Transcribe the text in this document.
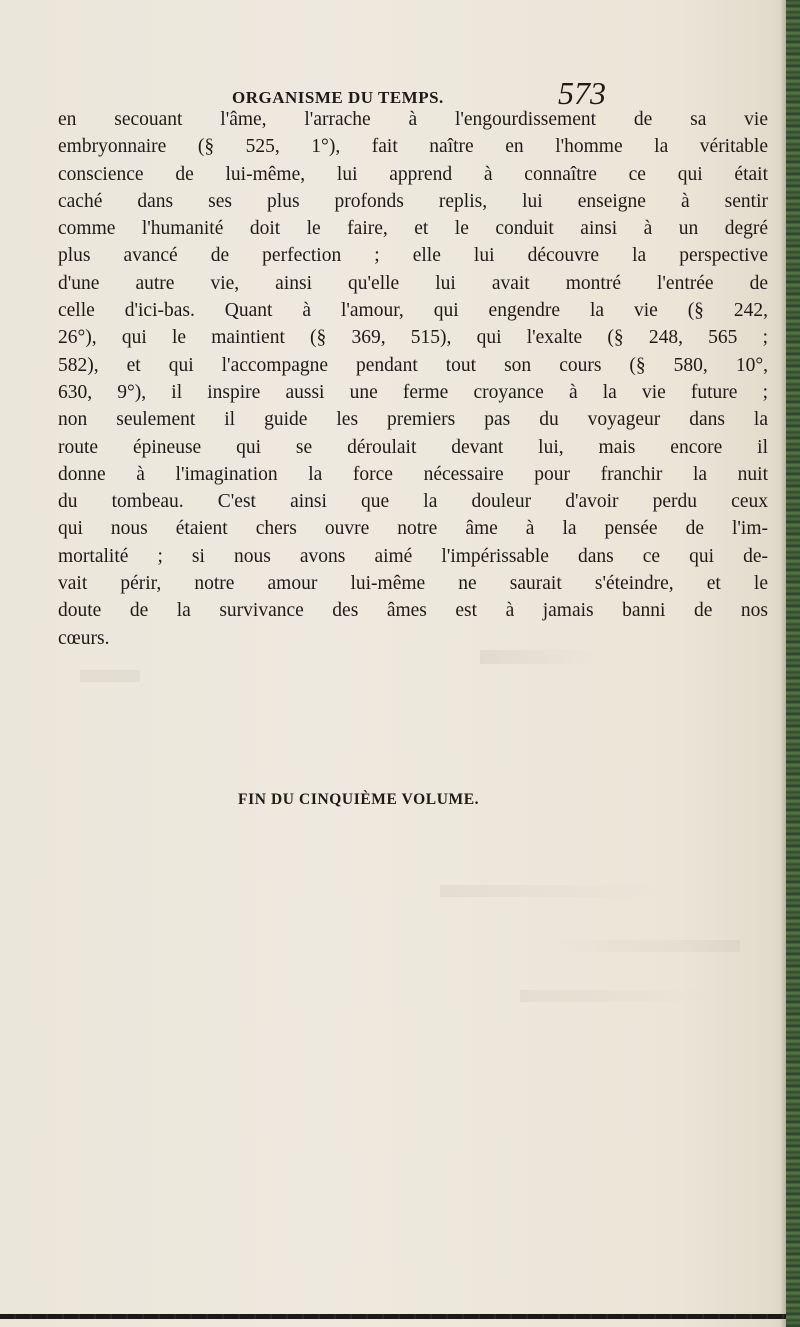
ORGANISME DU TEMPS.	573
en secouant l'âme, l'arrache à l'engourdissement de sa vie
embryonnaire (§ 525, 1°), fait naître en l'homme la véritable
conscience de lui-même, lui apprend à connaître ce qui était
caché dans ses plus profonds replis, lui enseigne à sentir
comme l'humanité doit le faire, et le conduit ainsi à un degré
plus avancé de perfection ; elle lui découvre la perspective
d'une autre vie, ainsi qu'elle lui avait montré l'entrée de
celle d'ici-bas. Quant à l'amour, qui engendre la vie (§ 242,
26°), qui le maintient (§ 369, 515), qui l'exalte (§ 248, 565 ;
582), et qui l'accompagne pendant tout son cours (§ 580, 10°,
630, 9°), il inspire aussi une ferme croyance à la vie future ;
non seulement il guide les premiers pas du voyageur dans la
route épineuse qui se déroulait devant lui, mais encore il
donne à l'imagination la force nécessaire pour franchir la nuit
du tombeau. C'est ainsi que la douleur d'avoir perdu ceux
qui nous étaient chers ouvre notre âme à la pensée de l'im-
mortalité ; si nous avons aimé l'impérissable dans ce qui de-
vait périr, notre amour lui-même ne saurait s'éteindre, et le
doute de la survivance des âmes est à jamais banni de nos
cœurs.
FIN DU CINQUIÈME VOLUME.
